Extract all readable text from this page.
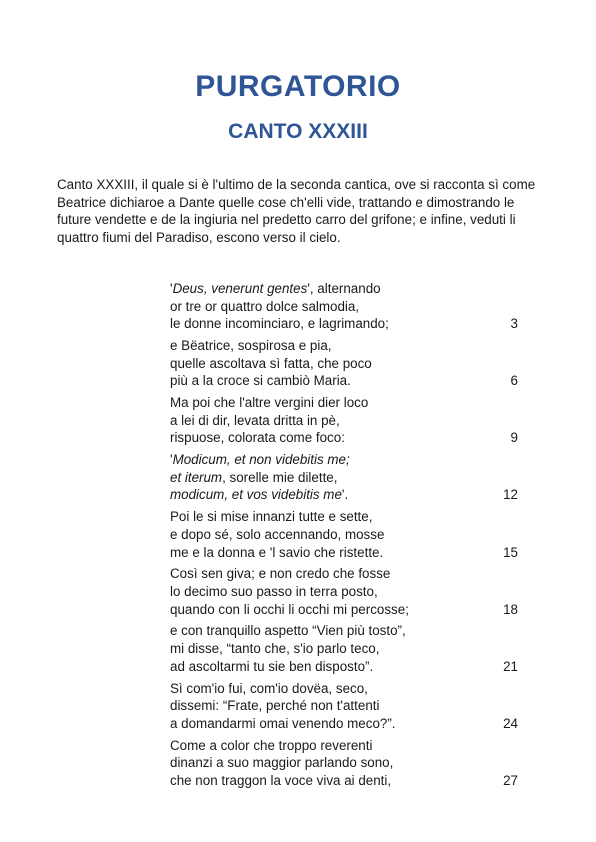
PURGATORIO
CANTO XXXIII

Canto XXXIII, il quale si è l'ultimo de la seconda cantica, ove si racconta sì come Beatrice dichiaroe a Dante quelle cose ch'elli vide, trattando e dimostrando le future vendette e de la ingiuria nel predetto carro del grifone; e infine, veduti li quattro fiumi del Paradiso, escono verso il cielo.

'Deus, venerunt gentes', alternando
or tre or quattro dolce salmodia,
le donne incominciaro, e lagrimando;	3
e Bëatrice, sospirosa e pia,
quelle ascoltava sì fatta, che poco
più a la croce si cambiò Maria.	6
Ma poi che l'altre vergini dier loco
a lei di dir, levata dritta in pè,
rispuose, colorata come foco:	9
'Modicum, et non videbitis me;
et iterum, sorelle mie dilette,
modicum, et vos videbitis me'.	12
Poi le si mise innanzi tutte e sette,
e dopo sé, solo accennando, mosse
me e la donna e 'l savio che ristette.	15
Così sen giva; e non credo che fosse
lo decimo suo passo in terra posto,
quando con li occhi li occhi mi percosse;	18
e con tranquillo aspetto “Vien più tosto”,
mi disse, “tanto che, s'io parlo teco,
ad ascoltarmi tu sie ben disposto”.	21
Sì com'io fui, com'io dovëa, seco,
dissemi: “Frate, perché non t'attenti
a domandarmi omai venendo meco?”.	24
Come a color che troppo reverenti
dinanzi a suo maggior parlando sono,
che non traggon la voce viva ai denti,	27
